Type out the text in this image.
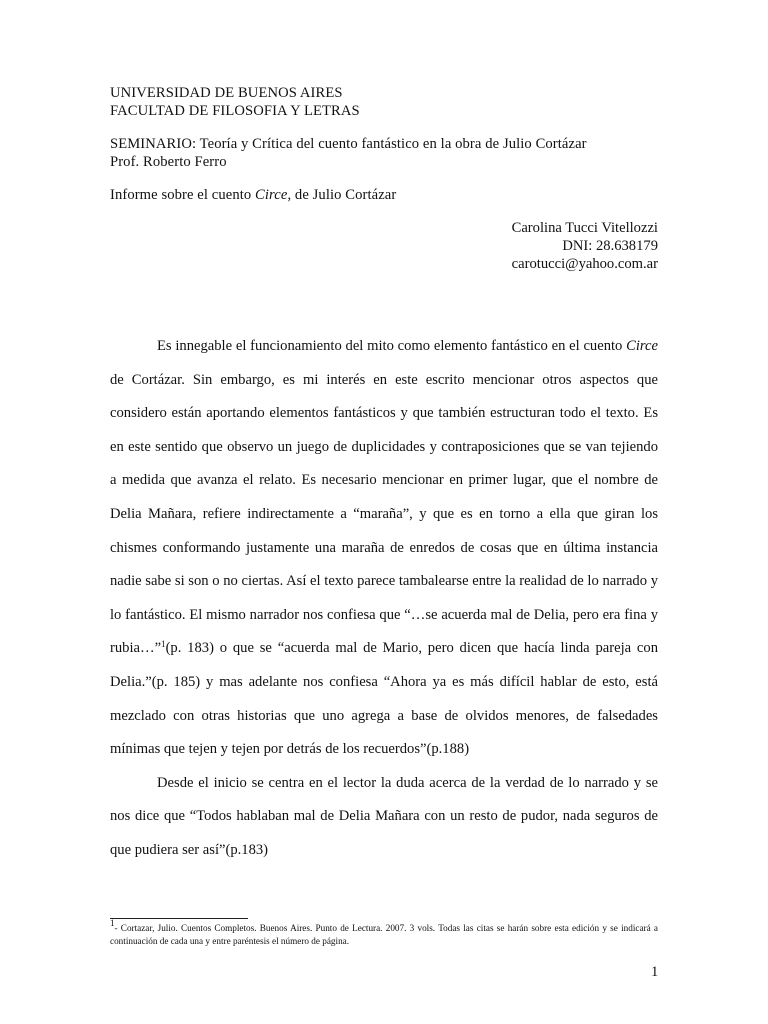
UNIVERSIDAD DE BUENOS AIRES
FACULTAD DE FILOSOFIA Y LETRAS
SEMINARIO: Teoría y Crítica del cuento fantástico en la obra de Julio Cortázar
Prof. Roberto Ferro
Informe sobre el cuento Circe, de Julio Cortázar
Carolina Tucci Vitellozzi
DNI: 28.638179
carotucci@yahoo.com.ar

Es innegable el funcionamiento del mito como elemento fantástico en el cuento Circe de Cortázar. Sin embargo, es mi interés en este escrito mencionar otros aspectos que considero están aportando elementos fantásticos y que también estructuran todo el texto. Es en este sentido que observo un juego de duplicidades y contraposiciones que se van tejiendo a medida que avanza el relato. Es necesario mencionar en primer lugar, que el nombre de Delia Mañara, refiere indirectamente a “maraña”, y que es en torno a ella que giran los chismes conformando justamente una maraña de enredos de cosas que en última instancia nadie sabe si son o no ciertas. Así el texto parece tambalearse entre la realidad de lo narrado y lo fantástico. El mismo narrador nos confiesa que “…se acuerda mal de Delia, pero era fina y rubia…”$^1$(p. 183) o que se “acuerda mal de Mario, pero dicen que hacía linda pareja con Delia.”(p. 185) y mas adelante nos confiesa “Ahora ya es más difícil hablar de esto, está mezclado con otras historias que uno agrega a base de olvidos menores, de falsedades mínimas que tejen y tejen por detrás de los recuerdos”(p.188)

Desde el inicio se centra en el lector la duda acerca de la verdad de lo narrado y se nos dice que “Todos hablaban mal de Delia Mañara con un resto de pudor, nada seguros de que pudiera ser así”(p.183)

$^1$- Cortazar, Julio. Cuentos Completos. Buenos Aires. Punto de Lectura. 2007. 3 vols. Todas las citas se harán sobre esta edición y se indicará a continuación de cada una y entre paréntesis el número de página.
1
